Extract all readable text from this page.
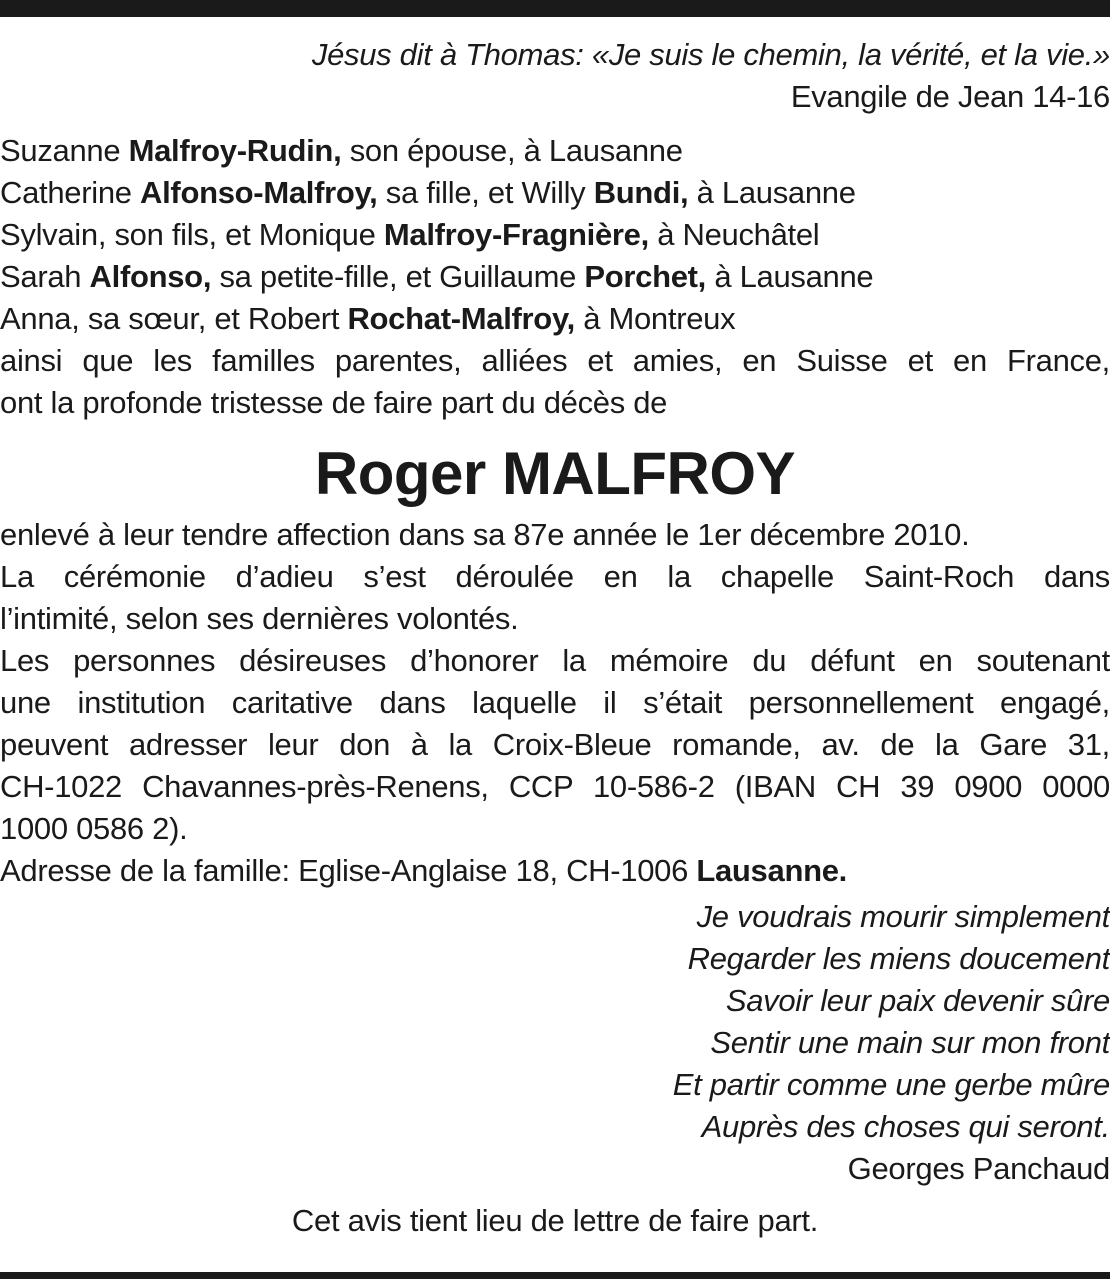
Jésus dit à Thomas: «Je suis le chemin, la vérité, et la vie.»
Evangile de Jean 14-16
Suzanne Malfroy-Rudin, son épouse, à Lausanne
Catherine Alfonso-Malfroy, sa fille, et Willy Bundi, à Lausanne
Sylvain, son fils, et Monique Malfroy-Fragnière, à Neuchâtel
Sarah Alfonso, sa petite-fille, et Guillaume Porchet, à Lausanne
Anna, sa sœur, et Robert Rochat-Malfroy, à Montreux
ainsi que les familles parentes, alliées et amies, en Suisse et en France,
ont la profonde tristesse de faire part du décès de
Roger MALFROY
enlevé à leur tendre affection dans sa 87e année le 1er décembre 2010.
La cérémonie d’adieu s’est déroulée en la chapelle Saint-Roch dans
l’intimité, selon ses dernières volontés.
Les personnes désireuses d’honorer la mémoire du défunt en soutenant
une institution caritative dans laquelle il s’était personnellement engagé,
peuvent adresser leur don à la Croix-Bleue romande, av. de la Gare 31,
CH-1022 Chavannes-près-Renens, CCP 10-586-2 (IBAN CH 39 0900 0000
1000 0586 2).
Adresse de la famille: Eglise-Anglaise 18, CH-1006 Lausanne.
Je voudrais mourir simplement
Regarder les miens doucement
Savoir leur paix devenir sûre
Sentir une main sur mon front
Et partir comme une gerbe mûre
Auprès des choses qui seront.
Georges Panchaud
Cet avis tient lieu de lettre de faire part.
